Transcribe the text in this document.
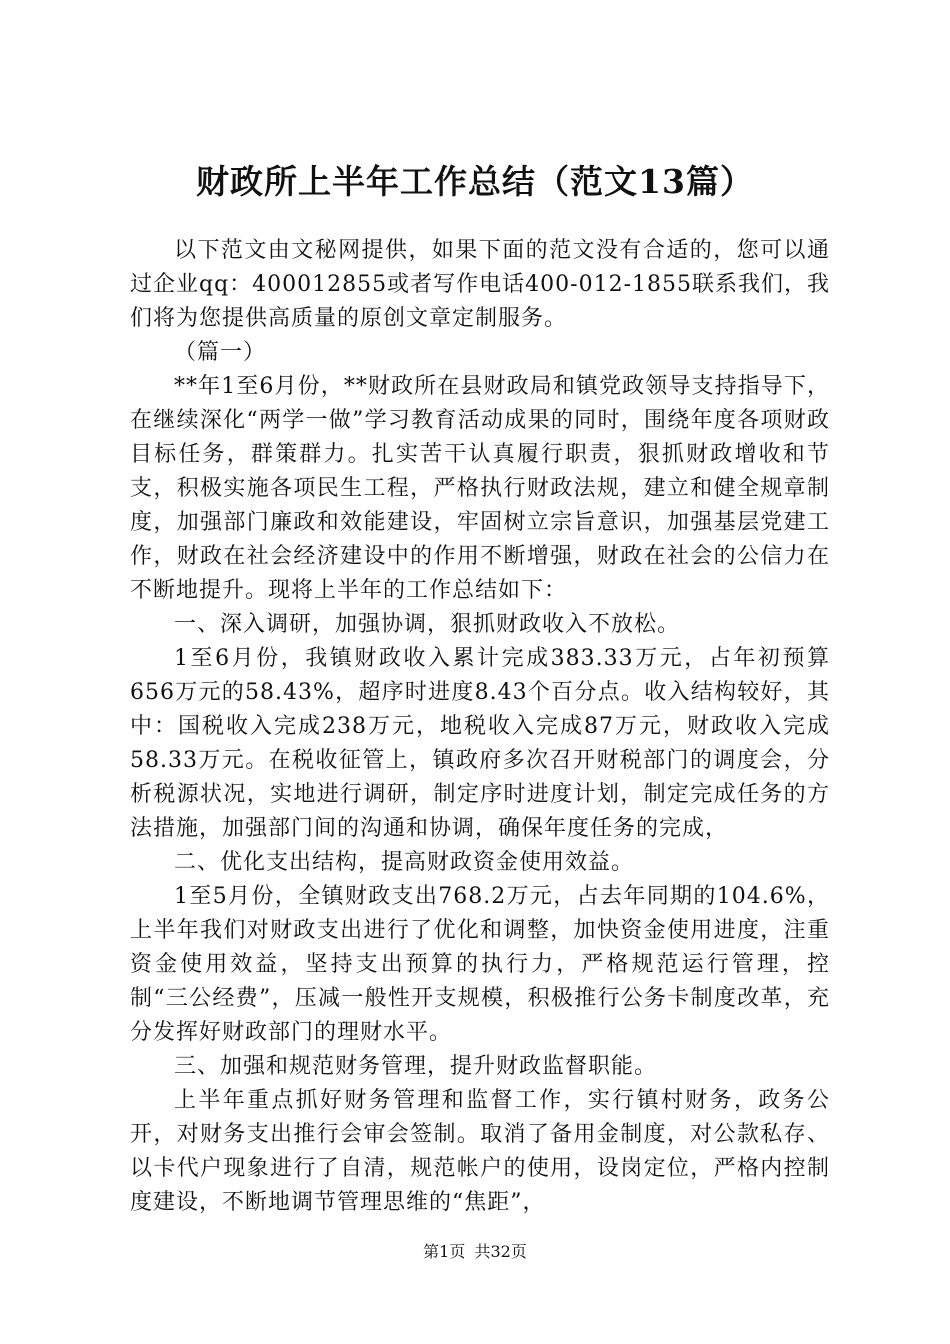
财政所上半年工作总结（范文13篇）

以下范文由文秘网提供，如果下面的范文没有合适的，您可以通过企业qq：400012855或者写作电话400-012-1855联系我们，我们将为您提供高质量的原创文章定制服务。

（篇一）

**年1至6月份，**财政所在县财政局和镇党政领导支持指导下，在继续深化“两学一做”学习教育活动成果的同时，围绕年度各项财政目标任务，群策群力。扎实苦干认真履行职责，狠抓财政增收和节支，积极实施各项民生工程，严格执行财政法规，建立和健全规章制度，加强部门廉政和效能建设，牢固树立宗旨意识，加强基层党建工作，财政在社会经济建设中的作用不断增强，财政在社会的公信力在不断地提升。现将上半年的工作总结如下：

一、深入调研，加强协调，狠抓财政收入不放松。

1至6月份，我镇财政收入累计完成383.33万元，占年初预算656万元的58.43%，超序时进度8.43个百分点。收入结构较好，其中：国税收入完成238万元，地税收入完成87万元，财政收入完成58.33万元。在税收征管上，镇政府多次召开财税部门的调度会，分析税源状况，实地进行调研，制定序时进度计划，制定完成任务的方法措施，加强部门间的沟通和协调，确保年度任务的完成，

二、优化支出结构，提高财政资金使用效益。

1至5月份，全镇财政支出768.2万元，占去年同期的104.6%，上半年我们对财政支出进行了优化和调整，加快资金使用进度，注重资金使用效益，坚持支出预算的执行力，严格规范运行管理，控制“三公经费”，压减一般性开支规模，积极推行公务卡制度改革，充分发挥好财政部门的理财水平。

三、加强和规范财务管理，提升财政监督职能。

上半年重点抓好财务管理和监督工作，实行镇村财务，政务公开，对财务支出推行会审会签制。取消了备用金制度，对公款私存、以卡代户现象进行了自清，规范帐户的使用，设岗定位，严格内控制度建设，不断地调节管理思维的“焦距”，

第1页 共32页
